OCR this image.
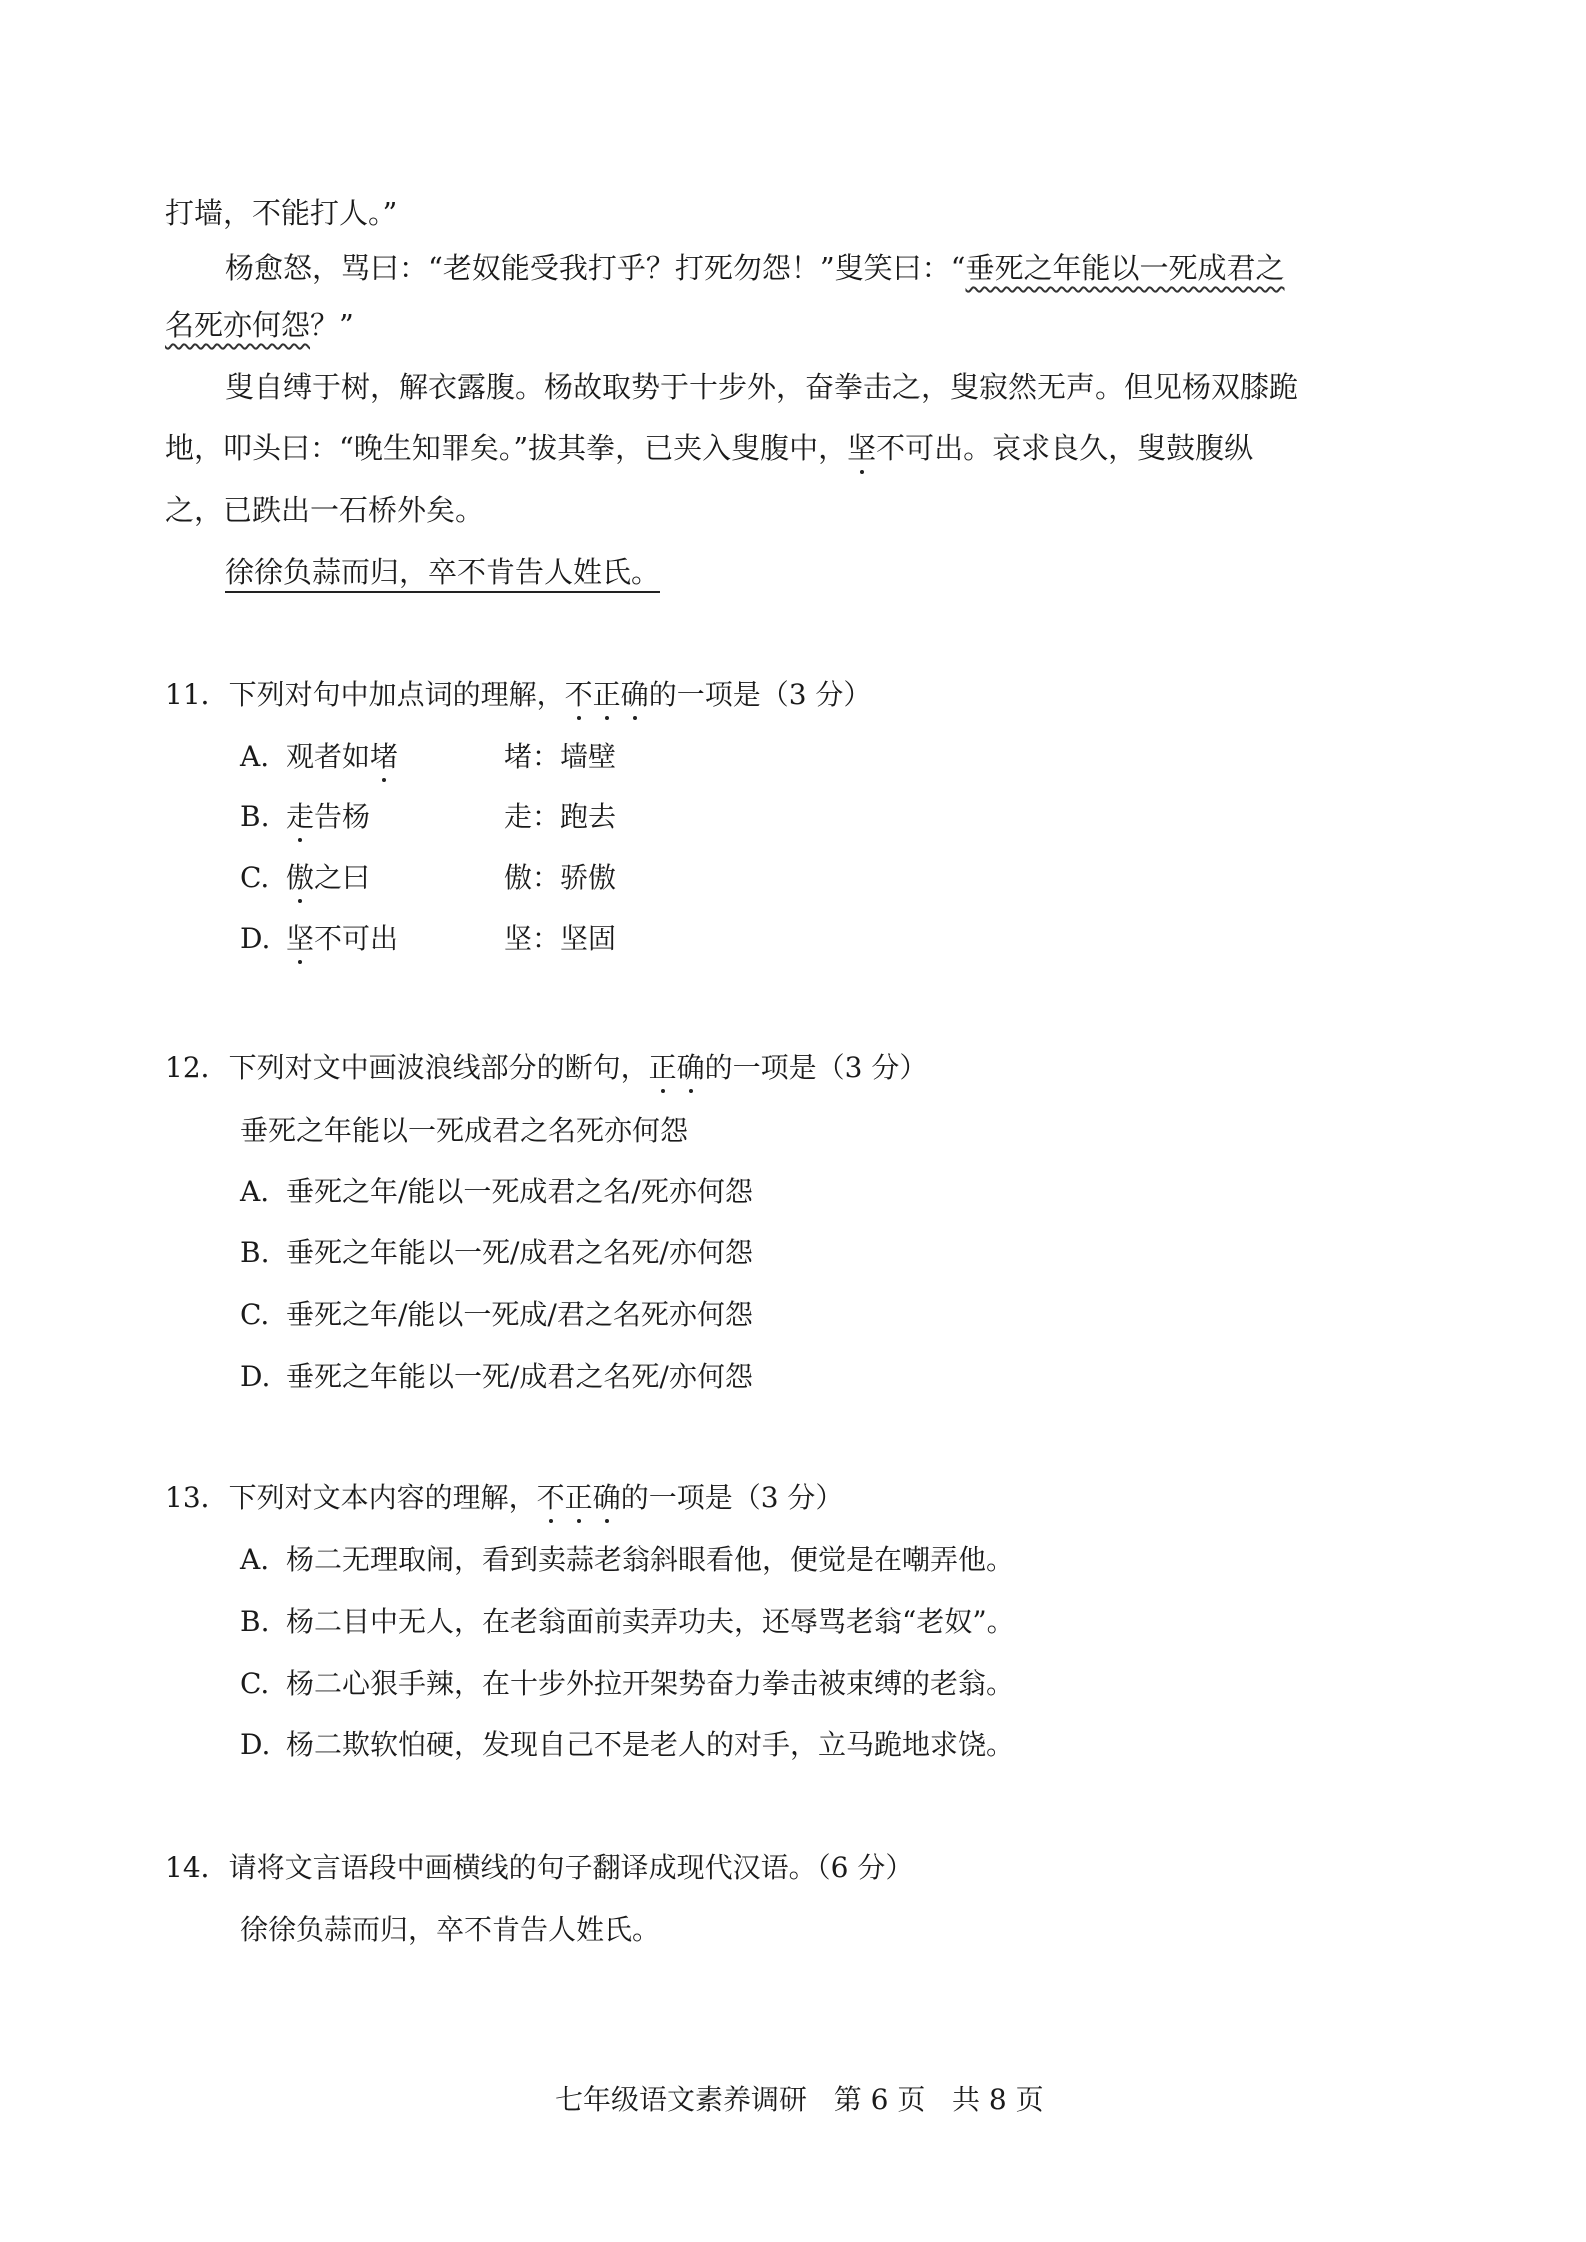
打墙，不能打人。”
杨愈怒，骂曰：“老奴能受我打乎？打死勿怨！”叟笑曰：“垂死之年能以一死成君之
名死亦何怨？”
叟自缚于树，解衣露腹。杨故取势于十步外，奋拳击之，叟寂然无声。但见杨双膝跪
地，叩头曰：“晚生知罪矣。”拔其拳，已夹入叟腹中，坚不可出。哀求良久，叟鼓腹纵
之，已跌出一石桥外矣。
徐徐负蒜而归，卒不肯告人姓氏。
11．下列对句中加点词的理解，不正确的一项是（3 分）
A. 观者如堵	堵：墙壁
B. 走告杨	走：跑去
C. 傲之曰	傲：骄傲
D. 坚不可出	坚：坚固
12．下列对文中画波浪线部分的断句，正确的一项是（3 分）
垂死之年能以一死成君之名死亦何怨
A. 垂死之年/能以一死成君之名/死亦何怨
B. 垂死之年能以一死/成君之名死/亦何怨
C. 垂死之年/能以一死成/君之名死亦何怨
D. 垂死之年能以一死/成君之名死/亦何怨
13．下列对文本内容的理解，不正确的一项是（3 分）
A. 杨二无理取闹，看到卖蒜老翁斜眼看他，便觉是在嘲弄他。
B. 杨二目中无人，在老翁面前卖弄功夫，还辱骂老翁“老奴”。
C. 杨二心狠手辣，在十步外拉开架势奋力拳击被束缚的老翁。
D. 杨二欺软怕硬，发现自己不是老人的对手，立马跪地求饶。
14．请将文言语段中画横线的句子翻译成现代汉语。（6 分）
徐徐负蒜而归，卒不肯告人姓氏。
七年级语文素养调研   第 6 页   共 8 页
